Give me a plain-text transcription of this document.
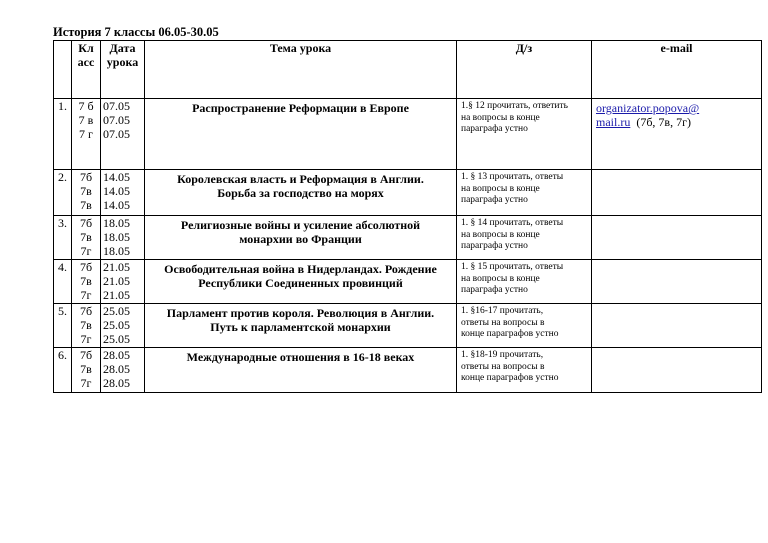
История 7 классы 06.05-30.05

	Кл
асс	Дата
урока	Тема урока	Д/з	e-mail
1.	7 б
7 в
7 г	07.05
07.05
07.05	Распространение Реформации в Европе	1.§ 12 прочитать, ответить
на вопросы в конце
параграфа устно	organizator.popova@
mail.ru (7б, 7в, 7г)

2.	7б
7в
7в	14.05
14.05
14.05	Королевская власть и Реформация в Англии.
Борьба за господство на морях	1. § 13 прочитать, ответы
на вопросы в конце
параграфа устно	

3.	7б
7в
7г	18.05
18.05
18.05	Религиозные войны и усиление абсолютной
монархии во Франции	1. § 14 прочитать, ответы
на вопросы в конце
параграфа устно	

4.	7б
7в
7г	21.05
21.05
21.05	Освободительная война в Нидерландах. Рождение
Республики Соединенных провинций	1. § 15 прочитать, ответы
на вопросы в конце
параграфа устно	

5.	7б
7в
7г	25.05
25.05
25.05	Парламент против короля. Революция в Англии.
Путь к парламентской монархии	1. §16-17 прочитать,
ответы на вопросы в
конце параграфов устно	

6.	7б
7в
7г	28.05
28.05
28.05	Международные отношения в 16-18 веках	1. §18-19 прочитать,
ответы на вопросы в
конце параграфов устно	
